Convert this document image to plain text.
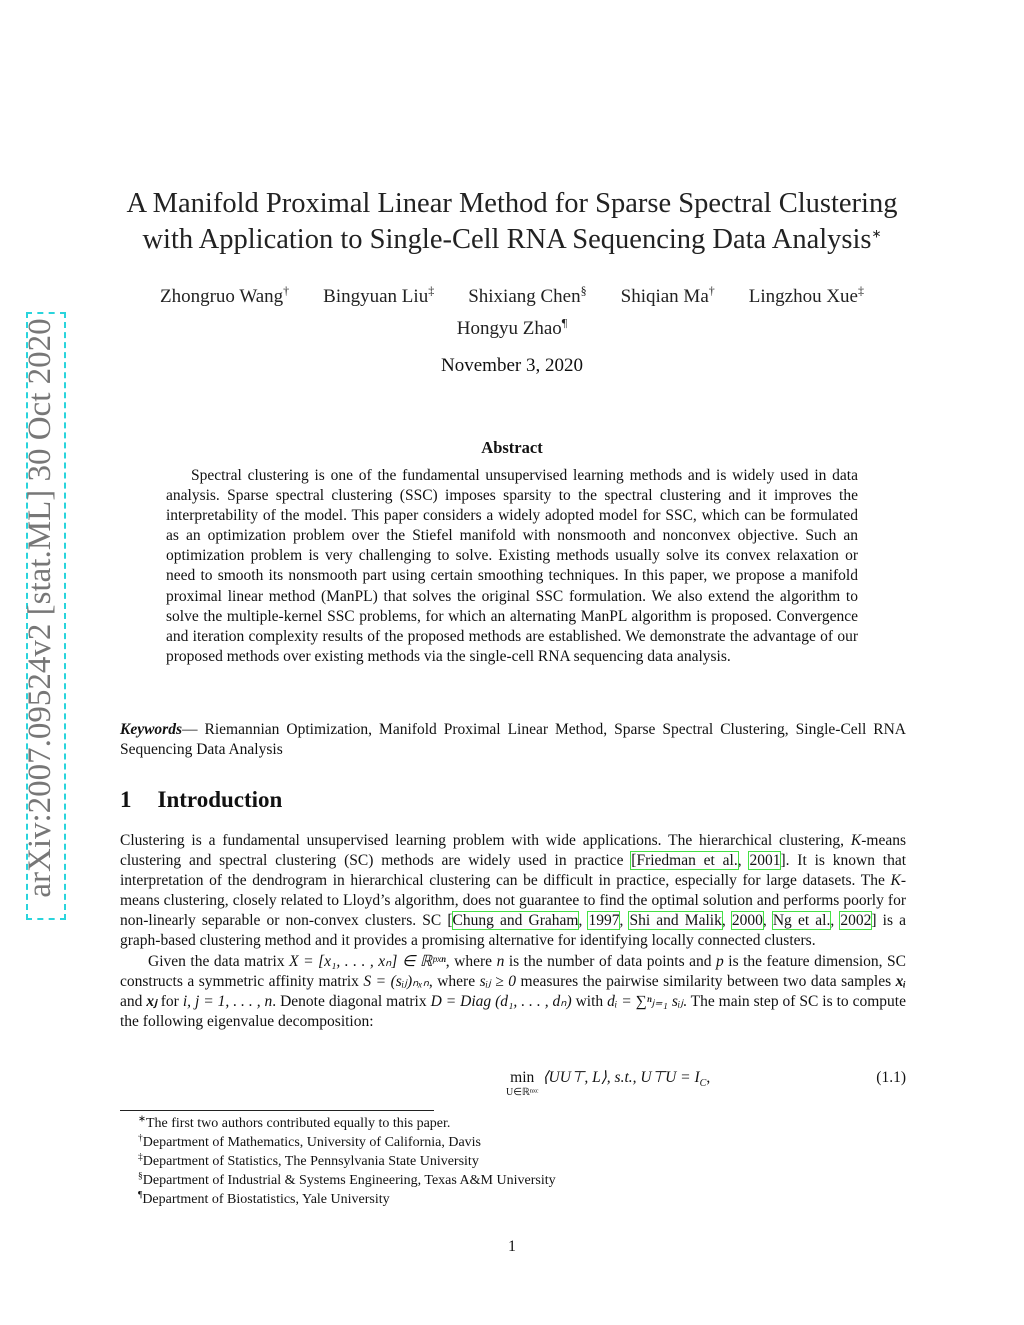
arXiv:2007.09524v2 [stat.ML] 30 Oct 2020
A Manifold Proximal Linear Method for Sparse Spectral Clustering
with Application to Single-Cell RNA Sequencing Data Analysis∗
Zhongruo Wang† Bingyuan Liu‡ Shixiang Chen§ Shiqian Ma† Lingzhou Xue‡
Hongyu Zhao¶
November 3, 2020
Abstract
Spectral clustering is one of the fundamental unsupervised learning methods and is widely used in data analysis. Sparse spectral clustering (SSC) imposes sparsity to the spectral clustering and it improves the interpretability of the model. This paper considers a widely adopted model for SSC, which can be formulated as an optimization problem over the Stiefel manifold with nonsmooth and nonconvex objective. Such an optimization problem is very challenging to solve. Existing methods usually solve its convex relaxation or need to smooth its nonsmooth part using certain smoothing techniques. In this paper, we propose a manifold proximal linear method (ManPL) that solves the original SSC formulation. We also extend the algorithm to solve the multiple-kernel SSC problems, for which an alternating ManPL algorithm is proposed. Convergence and iteration complexity results of the proposed methods are established. We demonstrate the advantage of our proposed methods over existing methods via the single-cell RNA sequencing data analysis.
Keywords— Riemannian Optimization, Manifold Proximal Linear Method, Sparse Spectral Clustering, Single-Cell RNA Sequencing Data Analysis
1 Introduction

Clustering is a fundamental unsupervised learning problem with wide applications. The hierarchical clustering, K-means clustering and spectral clustering (SC) methods are widely used in practice [Friedman et al., 2001]. It is known that interpretation of the dendrogram in hierarchical clustering can be difficult in practice, especially for large datasets. The K-means clustering, closely related to Lloyd’s algorithm, does not guarantee to find the optimal solution and performs poorly for non-linearly separable or non-convex clusters. SC [Chung and Graham, 1997, Shi and Malik, 2000, Ng et al., 2002] is a graph-based clustering method and it provides a promising alternative for identifying locally connected clusters.

Given the data matrix X = [x₁, . . . , xₙ] ∈ ℝᵖˣⁿ, where n is the number of data points and p is the feature dimension, SC constructs a symmetric affinity matrix S = (sᵢⱼ)ₙₓₙ, where sᵢⱼ ≥ 0 measures the pairwise similarity between two data samples xᵢ and xⱼ for i, j = 1, . . . , n. Denote diagonal matrix D = Diag (d₁, . . . , dₙ) with dᵢ = ∑ⁿⱼ₌₁ sᵢⱼ. The main step of SC is to compute the following eigenvalue decomposition:

min
U∈ℝⁿˣᶜ
⟨UU⊤, L⟩, s.t., U⊤U = $I_C$,	(1.1)
∗The first two authors contributed equally to this paper.
†Department of Mathematics, University of California, Davis
‡Department of Statistics, The Pennsylvania State University
§Department of Industrial & Systems Engineering, Texas A&M University
¶Department of Biostatistics, Yale University
1
